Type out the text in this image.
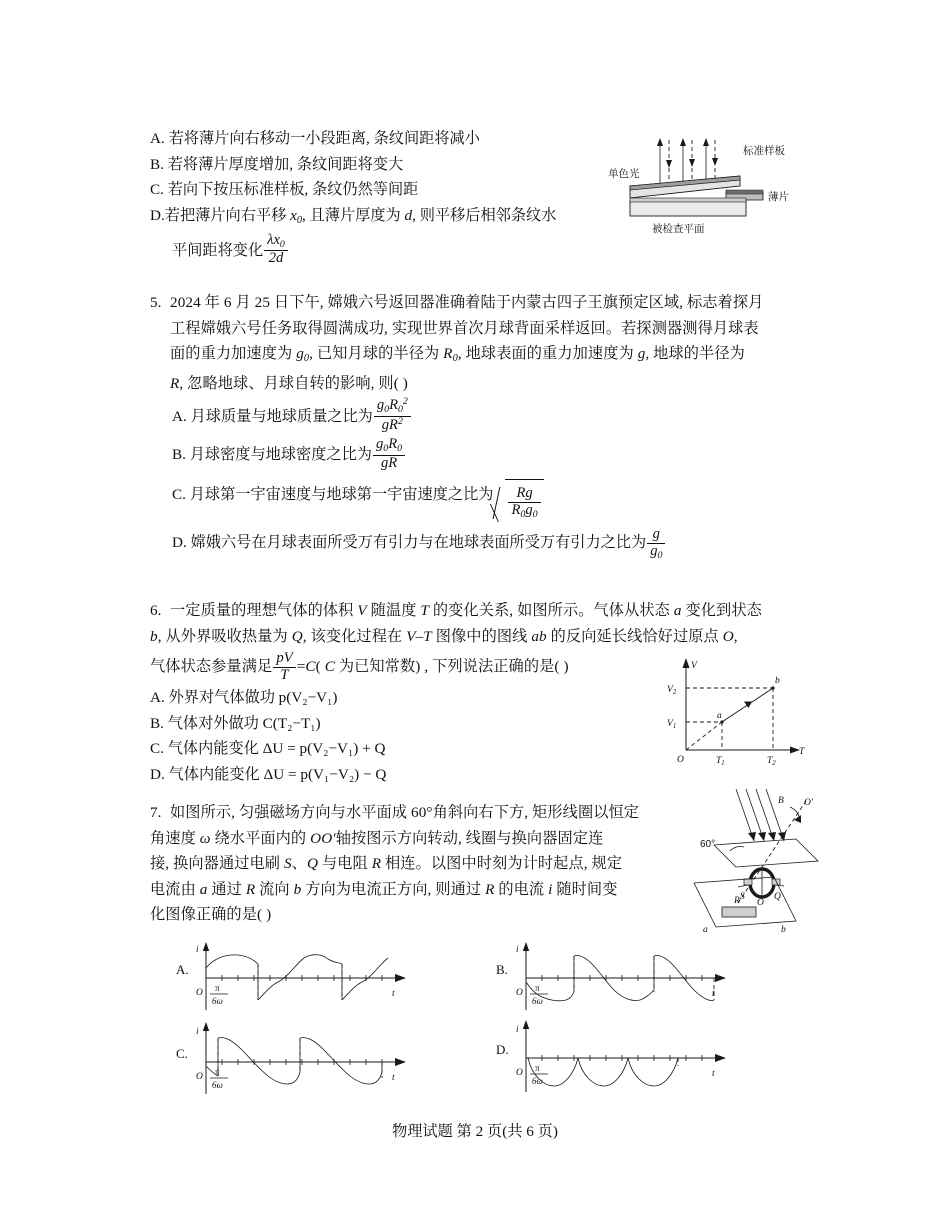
A. 若将薄片向右移动一小段距离, 条纹间距将减小
B. 若将薄片厚度增加, 条纹间距将变大
C. 若向下按压标准样板, 条纹仍然等间距
D.若把薄片向右平移 $x_0$, 且薄片厚度为 d, 则平移后相邻条纹水
平间距将变化 $\frac{\lambda x_0}{2d}$
单色光
标准样板
薄片
被检查平面
5. 2024 年 6 月 25 日下午, 嫦娥六号返回器准确着陆于内蒙古四子王旗预定区域, 标志着探月
工程嫦娥六号任务取得圆满成功, 实现世界首次月球背面采样返回。若探测器测得月球表
面的重力加速度为 $g_0$, 已知月球的半径为 $R_0$, 地球表面的重力加速度为 g, 地球的半径为
R, 忽略地球、月球自转的影响, 则( )
A. 月球质量与地球质量之比为 $\frac{g_0R_0^2}{gR^2}$
B. 月球密度与地球密度之比为 $\frac{g_0R_0}{gR}$
C. 月球第一宇宙速度与地球第一宇宙速度之比为 $\frac{Rg}{R_0g_0}$
D. 嫦娥六号在月球表面所受万有引力与在地球表面所受万有引力之比为 $\frac{g}{g_0}$
6. 一定质量的理想气体的体积 V 随温度 T 的变化关系, 如图所示。气体从状态 a 变化到状态
b, 从外界吸收热量为 Q, 该变化过程在 V–T 图像中的图线 ab 的反向延长线恰好过原点 O,
气体状态参量满足 $\frac{pV}{T} =C$( C 为已知常数) , 下列说法正确的是( )
A. 外界对气体做功 p(V₂−V₁)
B. 气体对外做功 C(T₂−T₁)
C. 气体内能变化 ΔU = p(V₂−V₁) + Q
D. 气体内能变化 ΔU = p(V₁−V₂) − Q
V
T
O
a
b
$V_2$
$V_1$
$T_1$	$T_2$
7. 如图所示, 匀强磁场方向与水平面成 60°角斜向右下方, 矩形线圈以恒定
角速度 ω 绕水平面内的 OO′轴按图示方向转动, 线圈与换向器固定连
接, 换向器通过电刷 S、Q 与电阻 R 相连。以图中时刻为计时起点, 规定
电流由 a 通过 R 流向 b 方向为电流正方向, 则通过 R 的电流 i 随时间变
化图像正确的是( )
60°
B O′
S	Q
O
R
a	b
A.
i
t
O π
6ω
B.
i
t
O π
6ω
C.
i
t
O π
6ω
D.
i
t
O π
6ω
物理试题 第 2 页(共 6 页)
